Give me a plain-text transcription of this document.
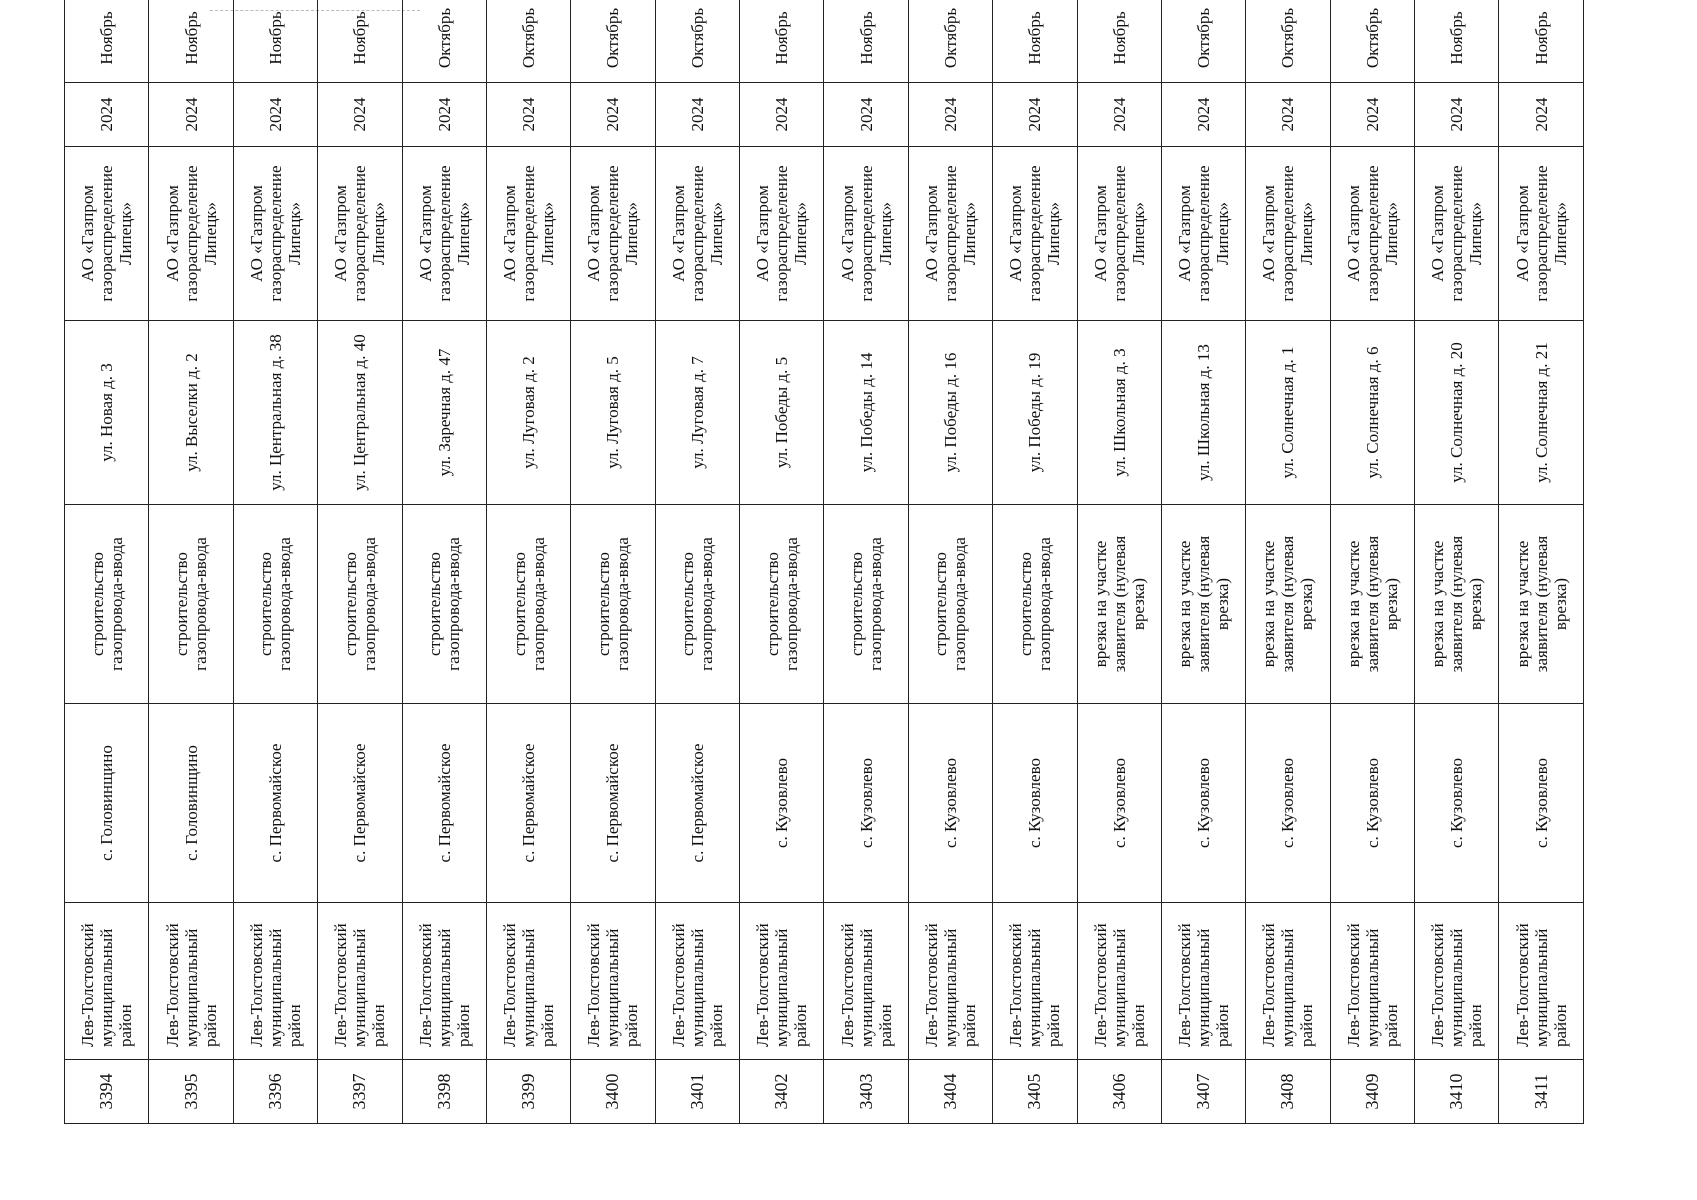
3394	Лев-Толстовский муниципальный район	с. Головинщино	строительство газопровода-ввода	ул. Новая д. 3	АО «Газпром газораспределение Липецк»	2024	Ноябрь
3395	Лев-Толстовский муниципальный район	с. Головинщино	строительство газопровода-ввода	ул. Выселки д. 2	АО «Газпром газораспределение Липецк»	2024	Ноябрь
3396	Лев-Толстовский муниципальный район	с. Первомайское	строительство газопровода-ввода	ул. Центральная д. 38	АО «Газпром газораспределение Липецк»	2024	Ноябрь
3397	Лев-Толстовский муниципальный район	с. Первомайское	строительство газопровода-ввода	ул. Центральная д. 40	АО «Газпром газораспределение Липецк»	2024	Ноябрь
3398	Лев-Толстовский муниципальный район	с. Первомайское	строительство газопровода-ввода	ул. Заречная д. 47	АО «Газпром газораспределение Липецк»	2024	Октябрь
3399	Лев-Толстовский муниципальный район	с. Первомайское	строительство газопровода-ввода	ул. Луговая д. 2	АО «Газпром газораспределение Липецк»	2024	Октябрь
3400	Лев-Толстовский муниципальный район	с. Первомайское	строительство газопровода-ввода	ул. Луговая д. 5	АО «Газпром газораспределение Липецк»	2024	Октябрь
3401	Лев-Толстовский муниципальный район	с. Первомайское	строительство газопровода-ввода	ул. Луговая д. 7	АО «Газпром газораспределение Липецк»	2024	Октябрь
3402	Лев-Толстовский муниципальный район	с. Кузовлево	строительство газопровода-ввода	ул. Победы д. 5	АО «Газпром газораспределение Липецк»	2024	Ноябрь
3403	Лев-Толстовский муниципальный район	с. Кузовлево	строительство газопровода-ввода	ул. Победы д. 14	АО «Газпром газораспределение Липецк»	2024	Ноябрь
3404	Лев-Толстовский муниципальный район	с. Кузовлево	строительство газопровода-ввода	ул. Победы д. 16	АО «Газпром газораспределение Липецк»	2024	Октябрь
3405	Лев-Толстовский муниципальный район	с. Кузовлево	строительство газопровода-ввода	ул. Победы д. 19	АО «Газпром газораспределение Липецк»	2024	Ноябрь
3406	Лев-Толстовский муниципальный район	с. Кузовлево	врезка на участке заявителя (нулевая врезка)	ул. Школьная д. 3	АО «Газпром газораспределение Липецк»	2024	Ноябрь
3407	Лев-Толстовский муниципальный район	с. Кузовлево	врезка на участке заявителя (нулевая врезка)	ул. Школьная д. 13	АО «Газпром газораспределение Липецк»	2024	Октябрь
3408	Лев-Толстовский муниципальный район	с. Кузовлево	врезка на участке заявителя (нулевая врезка)	ул. Солнечная д. 1	АО «Газпром газораспределение Липецк»	2024	Октябрь
3409	Лев-Толстовский муниципальный район	с. Кузовлево	врезка на участке заявителя (нулевая врезка)	ул. Солнечная д. 6	АО «Газпром газораспределение Липецк»	2024	Октябрь
3410	Лев-Толстовский муниципальный район	с. Кузовлево	врезка на участке заявителя (нулевая врезка)	ул. Солнечная д. 20	АО «Газпром газораспределение Липецк»	2024	Ноябрь
3411	Лев-Толстовский муниципальный район	с. Кузовлево	врезка на участке заявителя (нулевая врезка)	ул. Солнечная д. 21	АО «Газпром газораспределение Липецк»	2024	Ноябрь
